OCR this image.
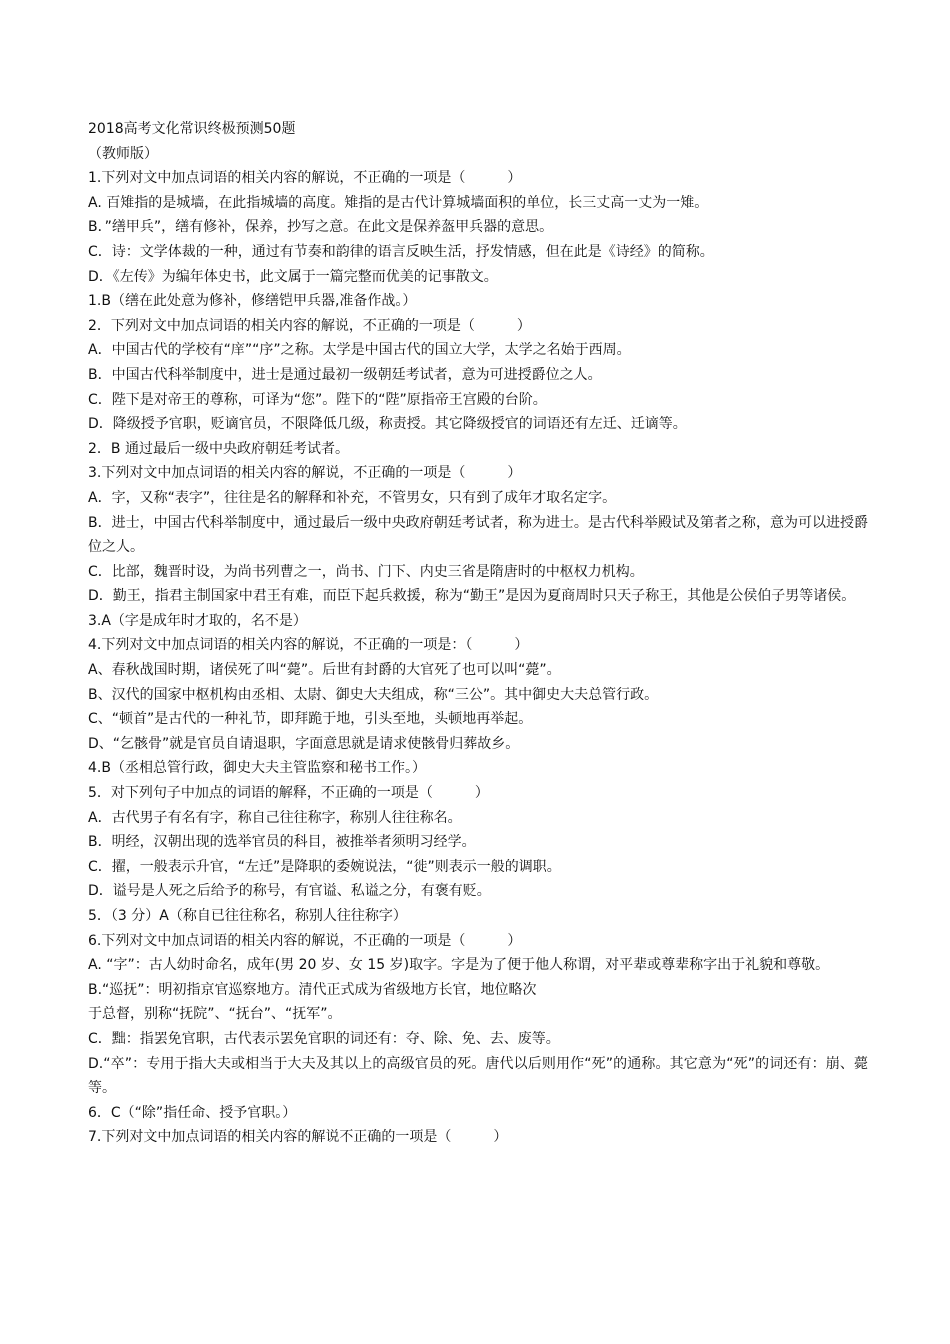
2018高考文化常识终极预测50题
（教师版）
1.下列对文中加点词语的相关内容的解说，不正确的一项是（　　　）
A. 百雉指的是城墙，在此指城墙的高度。雉指的是古代计算城墙面积的单位，长三丈高一丈为一雉。
B．”缮甲兵”，缮有修补，保养，抄写之意。在此文是保养盔甲兵器的意思。
C．诗：文学体裁的一种，通过有节奏和韵律的语言反映生活，抒发情感，但在此是《诗经》的简称。
D．《左传》为编年体史书，此文属于一篇完整而优美的记事散文。
1.B（缮在此处意为修补，修缮铠甲兵器,准备作战。）
2．下列对文中加点词语的相关内容的解说，不正确的一项是（　　　）
A．中国古代的学校有“庠”“序”之称。太学是中国古代的国立大学，太学之名始于西周。
B．中国古代科举制度中，进士是通过最初一级朝廷考试者，意为可进授爵位之人。
C．陛下是对帝王的尊称，可译为“您”。陛下的“陛”原指帝王宫殿的台阶。
D．降级授予官职，贬谪官员，不限降低几级，称责授。其它降级授官的词语还有左迁、迁谪等。
2．B 通过最后一级中央政府朝廷考试者。
3.下列对文中加点词语的相关内容的解说，不正确的一项是（　　　）
A．字，又称“表字”，往往是名的解释和补充，不管男女，只有到了成年才取名定字。
B．进士，中国古代科举制度中，通过最后一级中央政府朝廷考试者，称为进士。是古代科举殿试及第者之称，意为可以进授爵位之人。
C．比部，魏晋时设，为尚书列曹之一，尚书、门下、内史三省是隋唐时的中枢权力机构。
D．勤王，指君主制国家中君王有难，而臣下起兵救援，称为“勤王”是因为夏商周时只天子称王，其他是公侯伯子男等诸侯。
3.A（字是成年时才取的，名不是）
4.下列对文中加点词语的相关内容的解说，不正确的一项是：（　　　）
A、春秋战国时期，诸侯死了叫“薨”。后世有封爵的大官死了也可以叫“薨”。
B、汉代的国家中枢机构由丞相、太尉、御史大夫组成，称“三公”。其中御史大夫总管行政。
C、“顿首”是古代的一种礼节，即拜跪于地，引头至地，头顿地再举起。
D、“乞骸骨”就是官员自请退职，字面意思就是请求使骸骨归葬故乡。
4.B（丞相总管行政，御史大夫主管监察和秘书工作。）
5．对下列句子中加点的词语的解释，不正确的一项是（　　　）
A．古代男子有名有字，称自己往往称字，称别人往往称名。
B．明经，汉朝出现的选举官员的科目，被推举者须明习经学。
C．擢，一般表示升官，“左迁”是降职的委婉说法，“徙”则表示一般的调职。
D．谥号是人死之后给予的称号，有官谥、私谥之分，有褒有贬。
5．（3 分）A（称自已往往称名，称别人往往称字）
6.下列对文中加点词语的相关内容的解说，不正确的一项是（　　　）
A. “字”：古人幼时命名，成年(男 20 岁、女 15 岁)取字。字是为了便于他人称谓，对平辈或尊辈称字出于礼貌和尊敬。
B.“巡抚”：明初指京官巡察地方。清代正式成为省级地方长官，地位略次
于总督，别称“抚院”、“抚台”、“抚军”。
C．黜：指罢免官职，古代表示罢免官职的词还有：夺、除、免、去、废等。
D.“卒”：专用于指大夫或相当于大夫及其以上的高级官员的死。唐代以后则用作“死”的通称。其它意为“死”的词还有：崩、薨等。
6．C（“除”指任命、授予官职。）
7.下列对文中加点词语的相关内容的解说不正确的一项是（　　　）
